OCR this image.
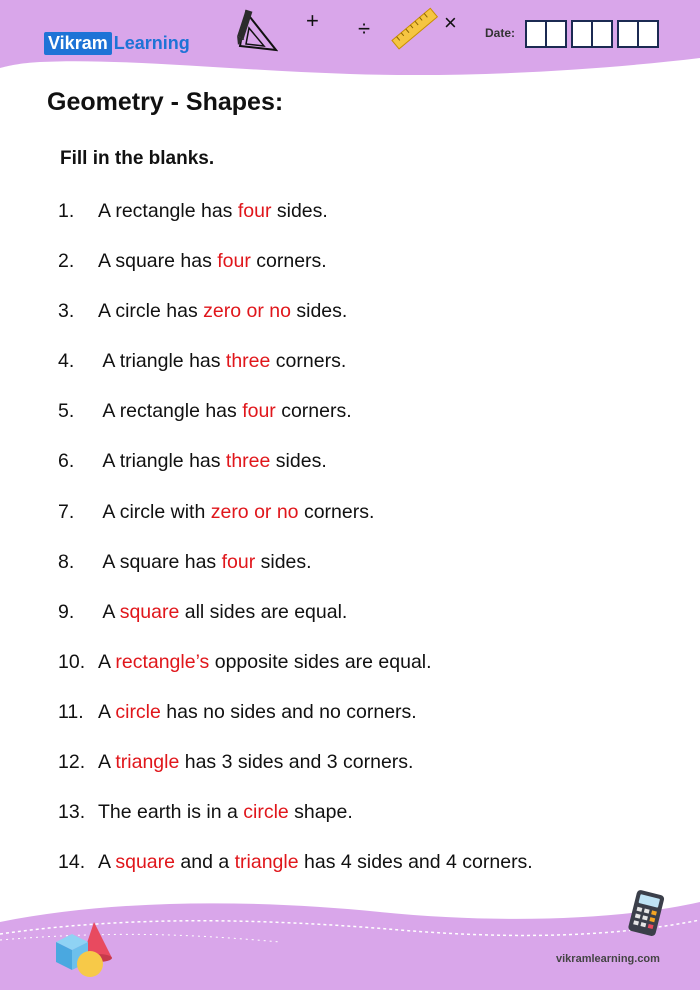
Vikram Learning
+ ÷	× Date:
Geometry - Shapes:

Fill in the blanks.

1.	A rectangle has four sides.
2.	A square has four corners.
3.	A circle has zero or no sides.
4.	A triangle has three corners.
5.	A rectangle has four corners.
6.	A triangle has three sides.
7.	A circle with zero or no corners.
8.	A square has four sides.
9.	A square all sides are equal.
10. A rectangle’s opposite sides are equal.
11. A circle has no sides and no corners.
12. A triangle has 3 sides and 3 corners.
13. The earth is in a circle shape.
14. A square and a triangle has 4 sides and 4 corners.
vikramlearning.com
